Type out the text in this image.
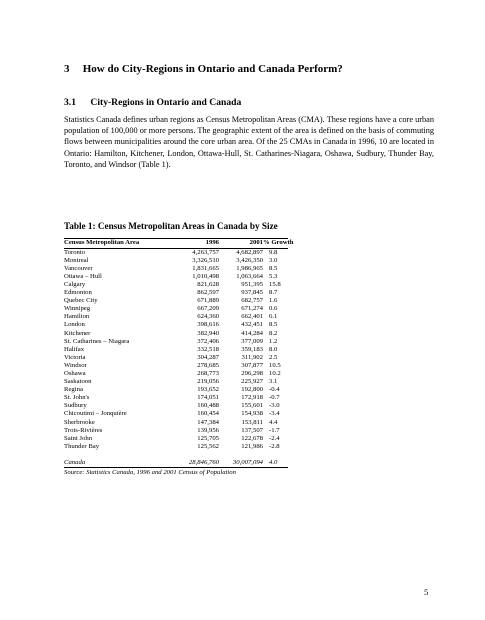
3 How do City-Regions in Ontario and Canada Perform?
3.1 City-Regions in Ontario and Canada
Statistics Canada defines urban regions as Census Metropolitan Areas (CMA). These regions have a core urban population of 100,000 or more persons. The geographic extent of the area is defined on the basis of commuting flows between municipalities around the core urban area. Of the 25 CMAs in Canada in 1996, 10 are located in Ontario: Hamilton, Kitchener, London, Ottawa-Hull, St. Catharines-Niagara, Oshawa, Sudbury, Thunder Bay, Toronto, and Windsor (Table 1).
Table 1: Census Metropolitan Areas in Canada by Size
Census Metropolitan Area	1996	2001 % Growth
Toronto	4,263,757	4,682,897 9.8
Montreal	3,326,510	3,426,350 3.0
Vancouver	1,831,665	1,986,965 8.5
Ottawa – Hull	1,010,498	1,063,664 5.3
Calgary	821,628	951,395 15.8
Edmonton	862,597	937,845 8.7
Quebec City	671,889	682,757 1.6
Winnipeg	667,209	671,274 0.6
Hamilton	624,360	662,401 6.1
London	398,616	432,451 8.5
Kitchener	382,940	414,284 8.2
St. Catharines – Niagara	372,406	377,009 1.2
Halifax	332,518	359,183 8.0
Victoria	304,287	311,902 2.5
Windsor	278,685	307,877 10.5
Oshawa	268,773	296,298 10.2
Saskatoon	219,056	225,927 3.1
Regina	193,652	192,800 -0.4
St. John's	174,051	172,918 -0.7
Sudbury	160,488	155,601 -3.0
Chicoutimi – Jonquière	160,454	154,938 -3.4
Sherbrooke	147,384	153,811 4.4
Trois-Rivières	139,956	137,507 -1.7
Saint John	125,705	122,678 -2.4
Thunder Bay	125,562	121,986 -2.8
Canada	28,846,760	30,007,094 4.0
Source: Statistics Canada, 1996 and 2001 Census of Population
5
